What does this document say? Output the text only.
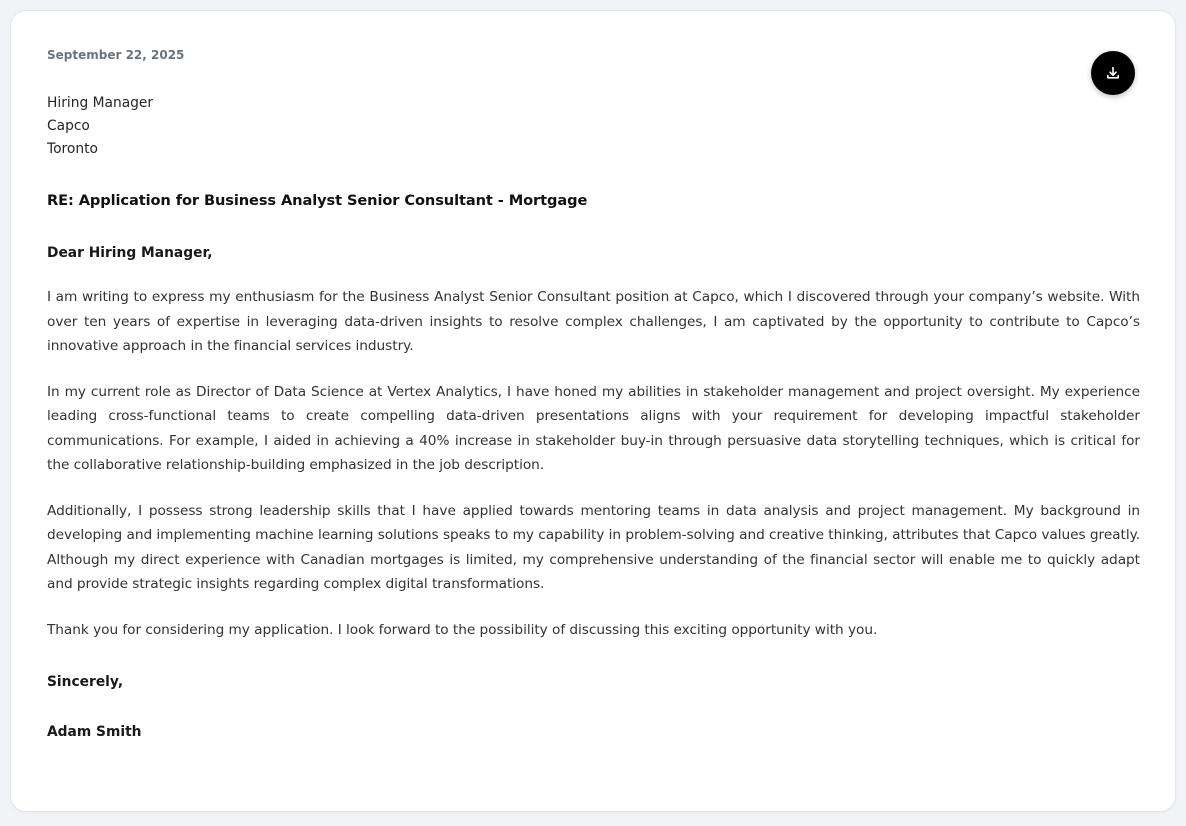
September 22, 2025
Hiring Manager
Capco
Toronto
RE: Application for Business Analyst Senior Consultant - Mortgage
Dear Hiring Manager,

I am writing to express my enthusiasm for the Business Analyst Senior Consultant position at Capco, which I discovered through your company’s website. With over ten years of expertise in leveraging data-driven insights to resolve complex challenges, I am captivated by the opportunity to contribute to Capco’s innovative approach in the financial services industry.

In my current role as Director of Data Science at Vertex Analytics, I have honed my abilities in stakeholder management and project oversight. My experience leading cross-functional teams to create compelling data-driven presentations aligns with your requirement for developing impactful stakeholder communications. For example, I aided in achieving a 40% increase in stakeholder buy-in through persuasive data storytelling techniques, which is critical for the collaborative relationship-building emphasized in the job description.

Additionally, I possess strong leadership skills that I have applied towards mentoring teams in data analysis and project management. My background in developing and implementing machine learning solutions speaks to my capability in problem-solving and creative thinking, attributes that Capco values greatly. Although my direct experience with Canadian mortgages is limited, my comprehensive understanding of the financial sector will enable me to quickly adapt and provide strategic insights regarding complex digital transformations.

Thank you for considering my application. I look forward to the possibility of discussing this exciting opportunity with you.

Sincerely,
Adam Smith
